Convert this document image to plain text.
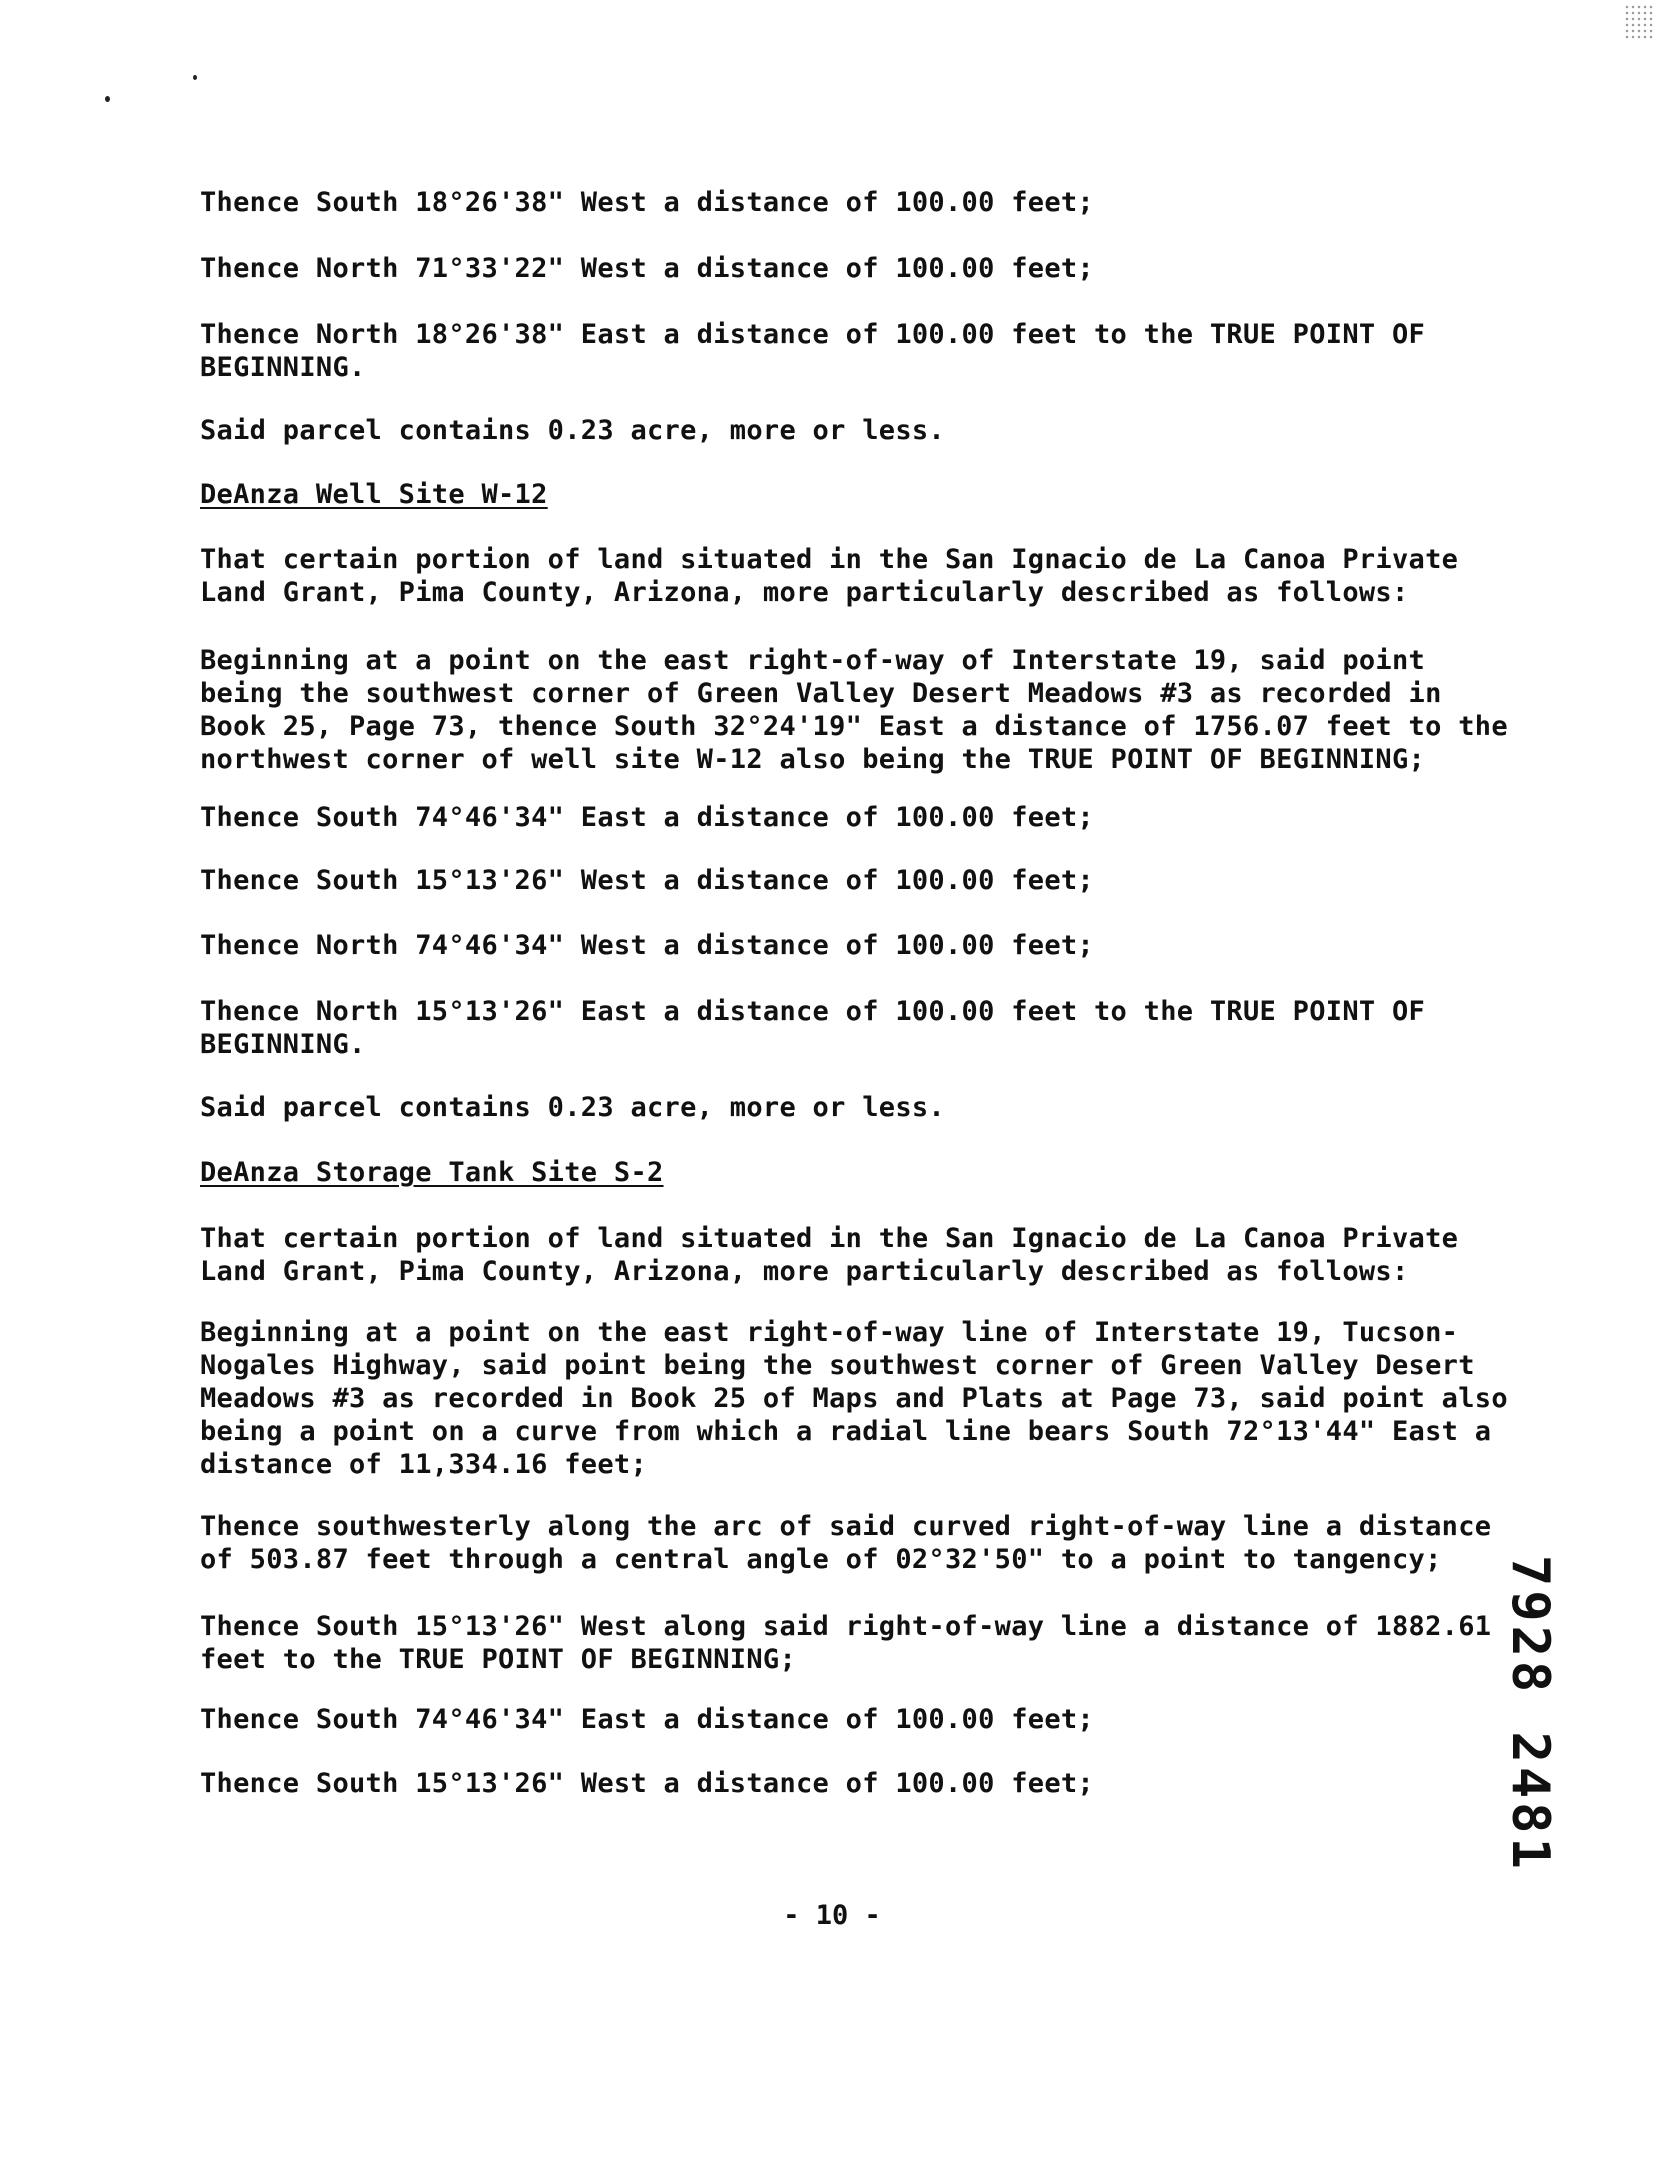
Thence South 18°26'38" West a distance of 100.00 feet;
Thence North 71°33'22" West a distance of 100.00 feet;
Thence North 18°26'38" East a distance of 100.00 feet to the TRUE POINT OF
BEGINNING.
Said parcel contains 0.23 acre, more or less.
DeAnza Well Site W-12
That certain portion of land situated in the San Ignacio de La Canoa Private
Land Grant, Pima County, Arizona, more particularly described as follows:
Beginning at a point on the east right-of-way of Interstate 19, said point
being the southwest corner of Green Valley Desert Meadows #3 as recorded in
Book 25, Page 73, thence South 32°24'19" East a distance of 1756.07 feet to the
northwest corner of well site W-12 also being the TRUE POINT OF BEGINNING;
Thence South 74°46'34" East a distance of 100.00 feet;
Thence South 15°13'26" West a distance of 100.00 feet;
Thence North 74°46'34" West a distance of 100.00 feet;
Thence North 15°13'26" East a distance of 100.00 feet to the TRUE POINT OF
BEGINNING.
Said parcel contains 0.23 acre, more or less.
DeAnza Storage Tank Site S-2
That certain portion of land situated in the San Ignacio de La Canoa Private
Land Grant, Pima County, Arizona, more particularly described as follows:
Beginning at a point on the east right-of-way line of Interstate 19, Tucson-
Nogales Highway, said point being the southwest corner of Green Valley Desert
Meadows #3 as recorded in Book 25 of Maps and Plats at Page 73, said point also
being a point on a curve from which a radial line bears South 72°13'44" East a
distance of 11,334.16 feet;
Thence southwesterly along the arc of said curved right-of-way line a distance
of 503.87 feet through a central angle of 02°32'50" to a point to tangency;
Thence South 15°13'26" West along said right-of-way line a distance of 1882.61
feet to the TRUE POINT OF BEGINNING;
Thence South 74°46'34" East a distance of 100.00 feet;
Thence South 15°13'26" West a distance of 100.00 feet;	7928 2481
- 10 -
